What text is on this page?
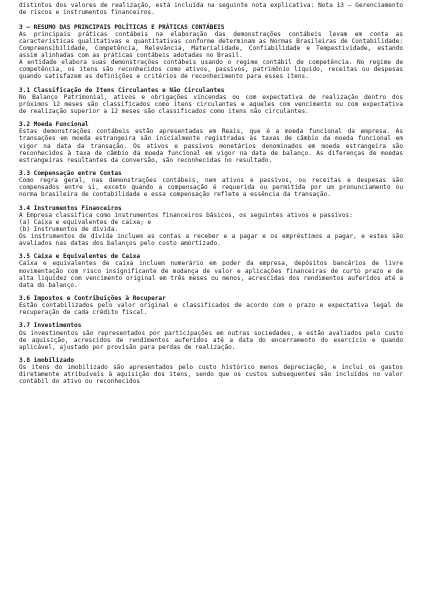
distintos dos valores de realização, está incluída na seguinte nota explicativa: Nota 13 – Gerenciamento de riscos e instrumentos financeiros.

3 – RESUMO DAS PRINCIPAIS POLÍTICAS E PRÁTICAS CONTÁBEIS

As principais práticas contábeis na elaboração das demonstrações contábeis levam em conta as características qualitativas e quantitativas conforme determinam as Normas Brasileiras de Contabilidade: Compreensibilidade, Competência, Relevância, Materialidade, Confiabilidade e Tempestividade, estando assim alinhadas com as práticas contábeis adotadas no Brasil.

A entidade elabora suas demonstrações contábeis usando o regime contábil de competência. No regime de competência, os itens são reconhecidos como ativos, passivos, patrimônio líquido, receitas ou despesas quando satisfazem as definições e critérios de reconhecimento para esses itens.

3.1 Classificação de Itens Circulantes e Não Circulantes

No Balanço Patrimonial, ativos e obrigações vincendas ou com expectativa de realização dentro dos próximos 12 meses são classificados como itens circulantes e aqueles com vencimento ou com expectativa de realização superior a 12 meses são classificados como itens não circulantes.

3.2 Moeda Funcional

Estas demonstrações contábeis estão apresentadas em Reais, que é a moeda funcional da empresa. As transações em moeda estrangeira são inicialmente registradas às taxas de câmbio da moeda funcional em vigor na data da transação. Os ativos e passivos monetários denominados em moeda estrangeira são reconhecidos à taxa de câmbio da moeda funcional em vigor na data de balanço. As diferenças de moedas estrangeiras resultantes da conversão, são reconhecidas no resultado.

3.3 Compensação entre Contas

Como regra geral, nas demonstrações contábeis, nem ativos e passivos, ou receitas e despesas são compensados entre si, exceto quando a compensação é requerida ou permitida por um pronunciamento ou norma brasileira de contabilidade e essa compensação reflete a essência da transação.

3.4 Instrumentos Financeiros

A Empresa classifica como instrumentos financeiros básicos, os seguintes ativos e passivos:

(a) Caixa e equivalentes de caixa; e

(b) Instrumentos de dívida.

Os instrumentos de dívida incluem as contas a receber e a pagar e os empréstimos a pagar, e estes são avaliados nas datas dos balanços pelo custo amortizado.

3.5 Caixa e Equivalentes de Caixa

Caixa e equivalentes de caixa incluem numerário em poder da empresa, depósitos bancários de livre movimentação com risco insignificante de mudança de valor e aplicações financeiras de curto prazo e de alta liquidez com vencimento original em três meses ou menos, acrescidas dos rendimentos auferidos até a data do balanço.

3.6 Impostos e Contribuições à Recuperar

Estão contabilizados pelo valor original e classificados de acordo com o prazo e expectativa legal de recuperação de cada crédito fiscal.

3.7 Investimentos

Os investimentos são representados por participações em outras sociedades, e estão avaliados pelo custo de aquisição, acrescidos de rendimentos auferidos até a data do encerramento do exercício e quando aplicável, ajustado por provisão para perdas de realização.

3.8 imobilizado

Os itens do imobilizado são apresentados pelo custo histórico menos depreciação, e inclui os gastos diretamente atribuíveis à aquisição dos itens, sendo que os custos subsequentes são incluídos no valor contábil do ativo ou reconhecidos
